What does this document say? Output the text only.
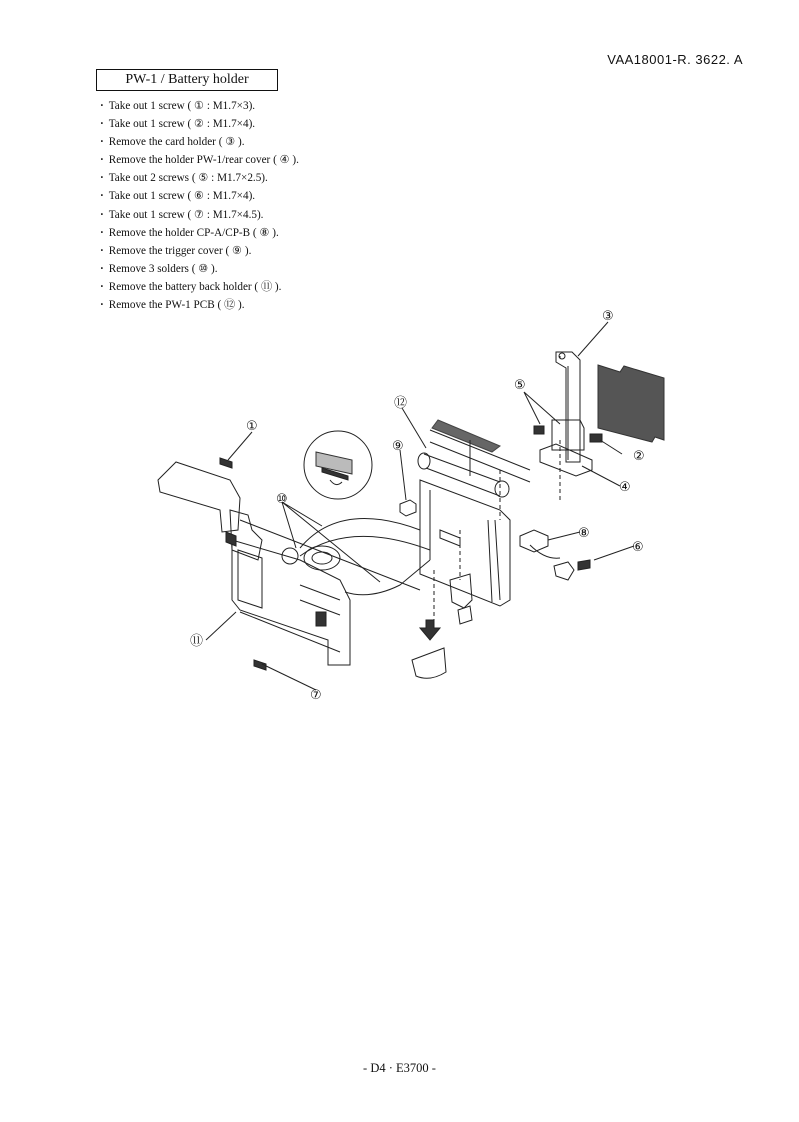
VAA18001-R. 3622. A
PW-1 / Battery holder
· Take out 1 screw ( ① : M1.7×3).
· Take out 1 screw ( ② : M1.7×4).
· Remove the card holder ( ③ ).
· Remove the holder PW-1/rear cover ( ④ ).
· Take out 2 screws ( ⑤ : M1.7×2.5).
· Take out 1 screw ( ⑥ : M1.7×4).
· Take out 1 screw ( ⑦ : M1.7×4.5).
· Remove the holder CP-A/CP-B ( ⑧ ).
· Remove the trigger cover ( ⑨ ).
· Remove 3 solders ( ⑩ ).
· Remove the battery back holder ( ⑪ ).
· Remove the PW-1 PCB ( ⑫ ).
①
②
③
④
⑤
⑥
⑦
⑧
⑨
⑩
⑪
⑫
- D4 · E3700 -
